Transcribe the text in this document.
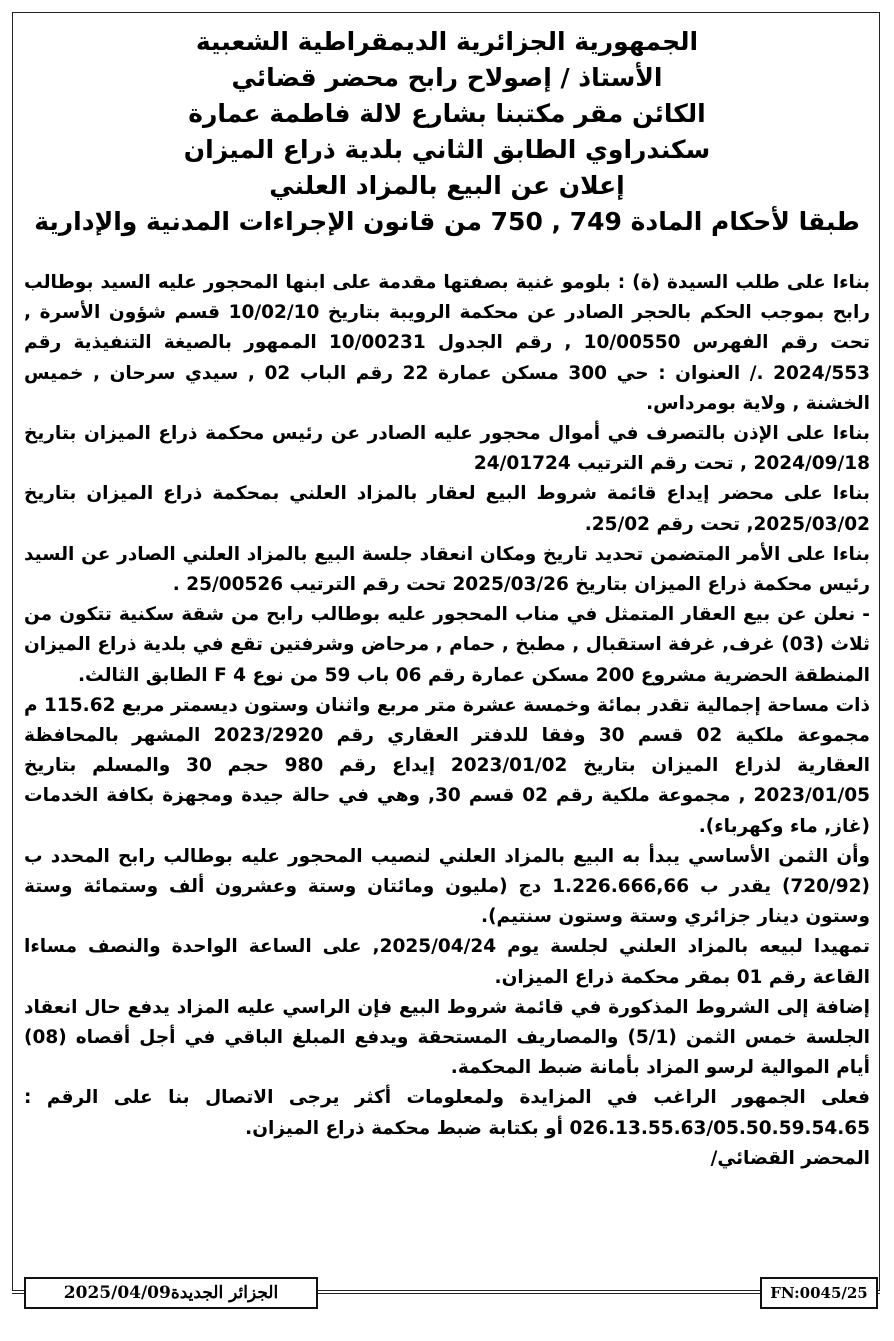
الجمهورية الجزائرية الديمقراطية الشعبية
الأستاذ / إصولاح رابح محضر قضائي
الكائن مقر مكتبنا بشارع لالة فاطمة عمارة
سكندراوي الطابق الثاني بلدية ذراع الميزان
إعلان عن البيع بالمزاد العلني
طبقا لأحكام المادة 749 , 750 من قانون الإجراءات المدنية والإدارية

بناءا على طلب السيدة (ة) : بلومو غنية بصفتها مقدمة على ابنها المحجور عليه السيد بوطالب رابح بموجب الحكم بالحجر الصادر عن محكمة الرويبة بتاريخ 10/02/10 قسم شؤون الأسرة , تحت رقم الفهرس 10/00550 , رقم الجدول 10/00231 الممهور بالصيغة التنفيذية رقم 2024/553 ./ العنوان : حي 300 مسكن عمارة 22 رقم الباب 02 , سيدي سرحان , خميس الخشنة , ولاية بومرداس.

بناءا على الإذن بالتصرف في أموال محجور عليه الصادر عن رئيس محكمة ذراع الميزان بتاريخ 2024/09/18 , تحت رقم الترتيب 24/01724

بناءا على محضر إيداع قائمة شروط البيع لعقار بالمزاد العلني بمحكمة ذراع الميزان بتاريخ 2025/03/02, تحت رقم 25/02.

بناءا على الأمر المتضمن تحديد تاريخ ومكان انعقاد جلسة البيع بالمزاد العلني الصادر عن السيد رئيس محكمة ذراع الميزان بتاريخ 2025/03/26 تحت رقم الترتيب 25/00526 .

- نعلن عن بيع العقار المتمثل في مناب المحجور عليه بوطالب رابح من شقة سكنية تتكون من ثلاث (03) غرف, غرفة استقبال , مطبخ , حمام , مرحاض وشرفتين تقع في بلدية ذراع الميزان المنطقة الحضرية مشروع 200 مسكن عمارة رقم 06 باب 59 من نوع F 4 الطابق الثالث.

ذات مساحة إجمالية تقدر بمائة وخمسة عشرة متر مربع واثنان وستون ديسمتر مربع 115.62 م مجموعة ملكية 02 قسم 30 وفقا للدفتر العقاري رقم 2023/2920 المشهر بالمحافظة العقارية لذراع الميزان بتاريخ 2023/01/02 إيداع رقم 980 حجم 30 والمسلم بتاريخ 2023/01/05 , مجموعة ملكية رقم 02 قسم 30, وهي في حالة جيدة ومجهزة بكافة الخدمات (غاز, ماء وكهرباء).

وأن الثمن الأساسي يبدأ به البيع بالمزاد العلني لنصيب المحجور عليه بوطالب رابح المحدد ب (720/92) يقدر ب 1.226.666,66 دج (مليون ومائتان وستة وعشرون ألف وستمائة وستة وستون دينار جزائري وستة وستون سنتيم).

تمهيدا لبيعه بالمزاد العلني لجلسة يوم 2025/04/24, على الساعة الواحدة والنصف مساءا القاعة رقم 01 بمقر محكمة ذراع الميزان.

إضافة إلى الشروط المذكورة في قائمة شروط البيع فإن الراسي عليه المزاد يدفع حال انعقاد الجلسة خمس الثمن (5/1) والمصاريف المستحقة ويدفع المبلغ الباقي في أجل أقصاه (08) أيام الموالية لرسو المزاد بأمانة ضبط المحكمة.

فعلى الجمهور الراغب في المزايدة ولمعلومات أكثر يرجى الاتصال بنا على الرقم : 026.13.55.63/05.50.59.54.65 أو بكتابة ضبط محكمة ذراع الميزان.

المحضر القضائي/

الجزائر الجديدة2025/04/09	FN:0045/25
